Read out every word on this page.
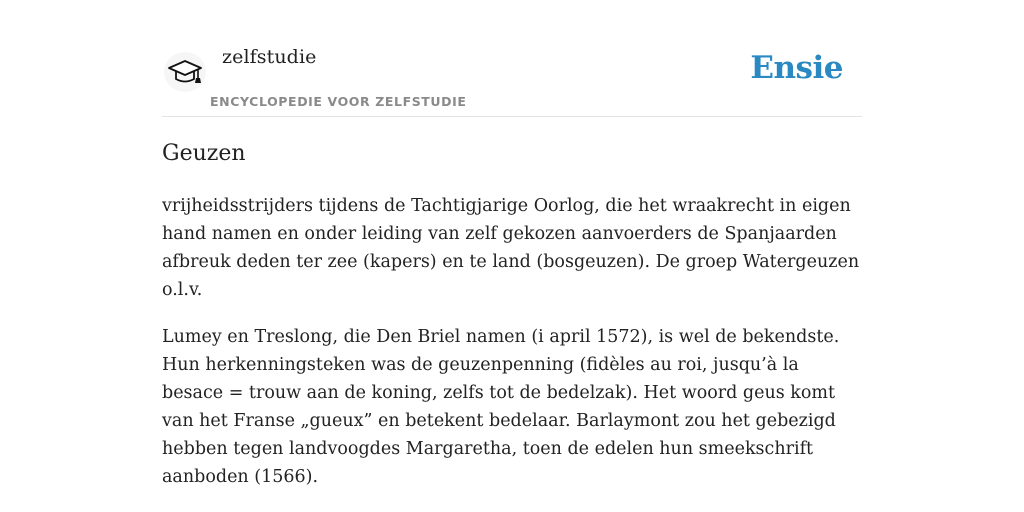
zelfstudie
ENCYCLOPEDIE VOOR ZELFSTUDIE
Ensie
Geuzen

vrijheidsstrijders tijdens de Tachtigjarige Oorlog, die het wraakrecht in eigen hand namen en onder leiding van zelf gekozen aanvoerders de Spanjaarden afbreuk deden ter zee (kapers) en te land (bosgeuzen). De groep Watergeuzen o.l.v.

Lumey en Treslong, die Den Briel namen (i april 1572), is wel de bekendste. Hun herkenningsteken was de geuzenpenning (fidèles au roi, jusqu’à la besace = trouw aan de koning, zelfs tot de bedelzak). Het woord geus komt van het Franse „gueux” en betekent bedelaar. Barlaymont zou het gebezigd hebben tegen landvoogdes Margaretha, toen de edelen hun smeekschrift aanboden (1566).
